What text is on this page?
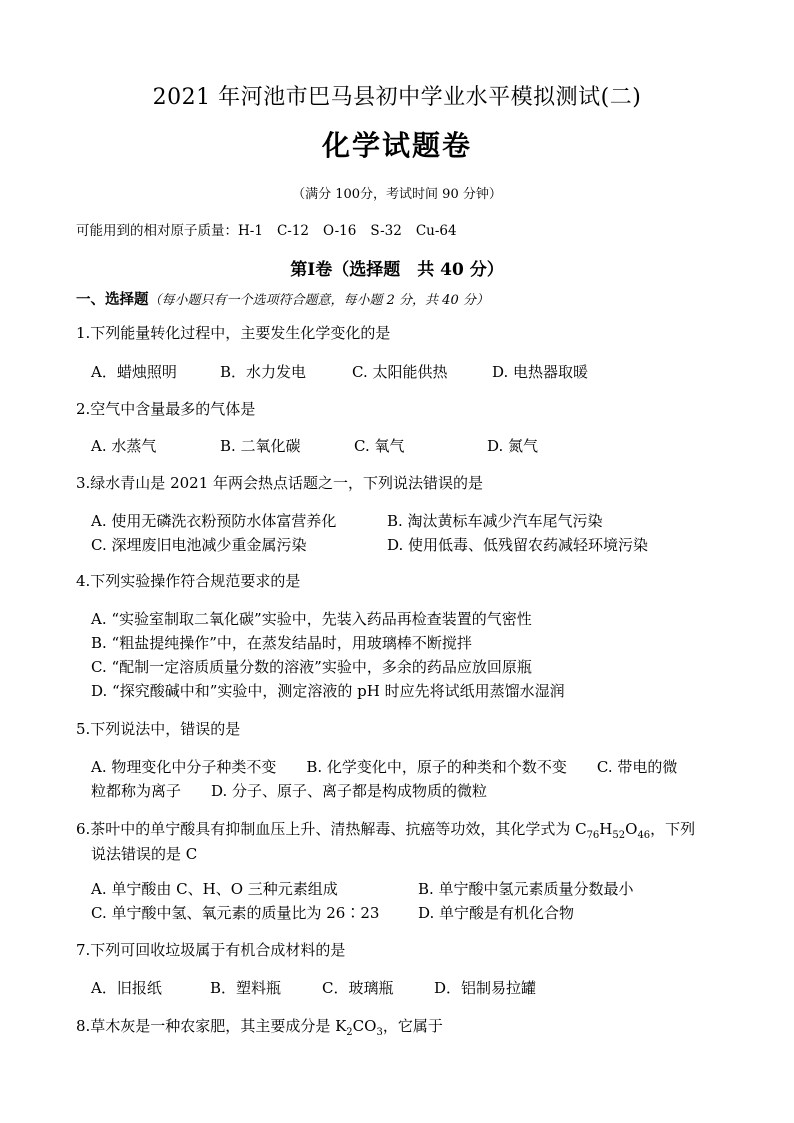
2021 年河池市巴马县初中学业水平模拟测试(二)
化学试题卷
（满分 100分，考试时间 90 分钟）
可能用到的相对原子质量：H-1 C-12 O-16 S-32 Cu-64
第Ⅰ卷（选择题　共 40 分）
一、选择题（每小题只有一个选项符合题意，每小题 2 分，共 40 分）
1.下列能量转化过程中，主要发生化学变化的是
A．蜡烛照明	B．水力发电	C. 太阳能供热	D. 电热器取暖
2.空气中含量最多的气体是
A. 水蒸气	B. 二氧化碳	C. 氧气	D. 氮气
3.绿水青山是 2021 年两会热点话题之一，下列说法错误的是
A. 使用无磷洗衣粉预防水体富营养化	B. 淘汰黄标车减少汽车尾气污染
C. 深埋废旧电池减少重金属污染	D. 使用低毒、低残留农药减轻环境污染
4.下列实验操作符合规范要求的是
A. “实验室制取二氧化碳”实验中，先装入药品再检查装置的气密性
B. “粗盐提纯操作”中，在蒸发结晶时，用玻璃棒不断搅拌
C. “配制一定溶质质量分数的溶液”实验中，多余的药品应放回原瓶
D. “探究酸碱中和”实验中，测定溶液的 pH 时应先将试纸用蒸馏水湿润
5.下列说法中，错误的是
A. 物理变化中分子种类不变　　B. 化学变化中，原子的种类和个数不变　　C. 带电的微
粒都称为离子　　D. 分子、原子、离子都是构成物质的微粒
6.茶叶中的单宁酸具有抑制血压上升、清热解毒、抗癌等功效，其化学式为 $C_{76}H_{52}O_{46}$，下列
说法错误的是 C
A. 单宁酸由 C、H、O 三种元素组成	B. 单宁酸中氢元素质量分数最小
C. 单宁酸中氢、氧元素的质量比为 26∶23	D. 单宁酸是有机化合物
7.下列可回收垃圾属于有机合成材料的是
A．旧报纸	B．塑料瓶	C．玻璃瓶	D．铝制易拉罐
8.草木灰是一种农家肥，其主要成分是 $K_2CO_3$，它属于
